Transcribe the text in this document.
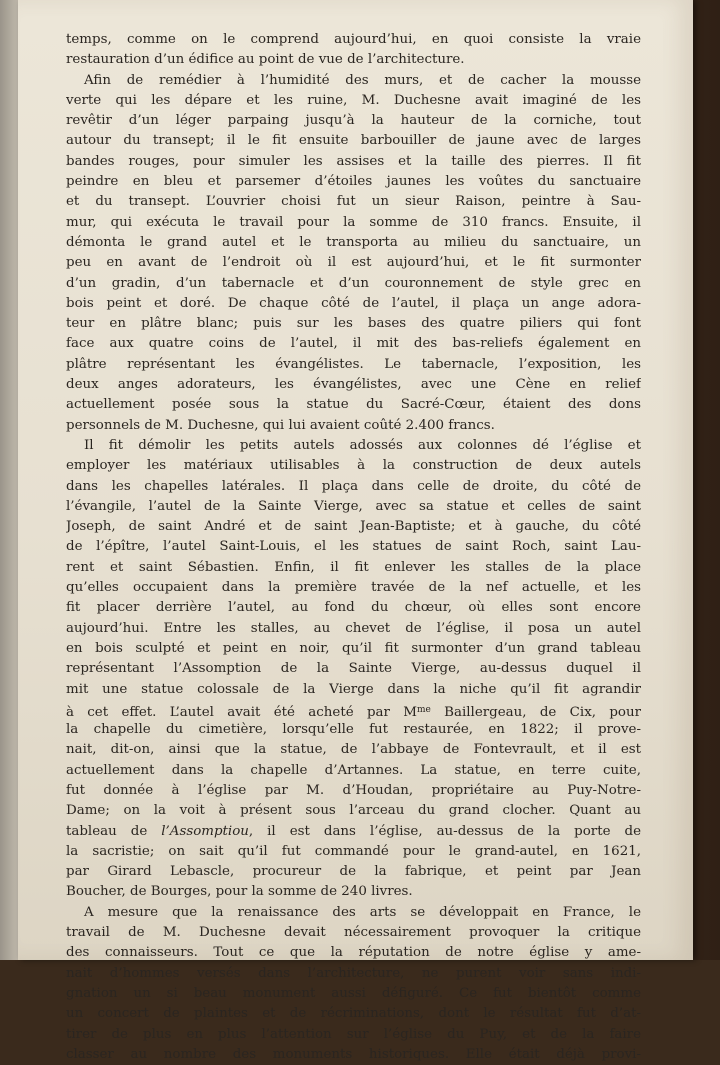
temps, comme on le comprend aujourd’hui, en quoi consiste la vraie
restauration d’un édifice au point de vue de l’architecture.
Afin de remédier à l’humidité des murs, et de cacher la mousse
verte qui les dépare et les ruine, M. Duchesne avait imaginé de les
revêtir d’un léger parpaing jusqu’à la hauteur de la corniche, tout
autour du transept; il le fit ensuite barbouiller de jaune avec de larges
bandes rouges, pour simuler les assises et la taille des pierres. Il fit
peindre en bleu et parsemer d’étoiles jaunes les voûtes du sanctuaire
et du transept. L’ouvrier choisi fut un sieur Raison, peintre à Sau-
mur, qui exécuta le travail pour la somme de 310 francs. Ensuite, il
démonta le grand autel et le transporta au milieu du sanctuaire, un
peu en avant de l’endroit où il est aujourd’hui, et le fit surmonter
d’un gradin, d’un tabernacle et d’un couronnement de style grec en
bois peint et doré. De chaque côté de l’autel, il plaça un ange adora-
teur en plâtre blanc; puis sur les bases des quatre piliers qui font
face aux quatre coins de l’autel, il mit des bas-reliefs également en
plâtre représentant les évangélistes. Le tabernacle, l’exposition, les
deux anges adorateurs, les évangélistes, avec une Cène en relief
actuellement posée sous la statue du Sacré-Cœur, étaient des dons
personnels de M. Duchesne, qui lui avaient coûté 2.400 francs.
Il fit démolir les petits autels adossés aux colonnes dé l’église et
employer les matériaux utilisables à la construction de deux autels
dans les chapelles latérales. Il plaça dans celle de droite, du côté de
l’évangile, l’autel de la Sainte Vierge, avec sa statue et celles de saint
Joseph, de saint André et de saint Jean-Baptiste; et à gauche, du côté
de l’épître, l’autel Saint-Louis, el les statues de saint Roch, saint Lau-
rent et saint Sébastien. Enfin, il fit enlever les stalles de la place
qu’elles occupaient dans la première travée de la nef actuelle, et les
fit placer derrière l’autel, au fond du chœur, où elles sont encore
aujourd’hui. Entre les stalles, au chevet de l’église, il posa un autel
en bois sculpté et peint en noir, qu’il fit surmonter d’un grand tableau
représentant l’Assomption de la Sainte Vierge, au-dessus duquel il
mit une statue colossale de la Vierge dans la niche qu’il fit agrandir
à cet effet. L’autel avait été acheté par $M^{me}$ Baillergeau, de Cix, pour
la chapelle du cimetière, lorsqu’elle fut restaurée, en 1822; il prove-
nait, dit-on, ainsi que la statue, de l’abbaye de Fontevrault, et il est
actuellement dans la chapelle d’Artannes. La statue, en terre cuite,
fut donnée à l’église par M. d’Houdan, propriétaire au Puy-Notre-
Dame; on la voit à présent sous l’arceau du grand clocher. Quant au
tableau de l’Assomptiou, il est dans l’église, au-dessus de la porte de
la sacristie; on sait qu’il fut commandé pour le grand-autel, en 1621,
par Girard Lebascle, procureur de la fabrique, et peint par Jean
Boucher, de Bourges, pour la somme de 240 livres.
A mesure que la renaissance des arts se développait en France, le
travail de M. Duchesne devait nécessairement provoquer la critique
des connaisseurs. Tout ce que la réputation de notre église y ame-
nait d’hommes versés dans l’architecture, ne purent voir sans indi-
gnation un si beau monument aussi défiguré. Ce fut bientôt comme
un concert de plaintes et de récriminations, dont le résultat fut d’at-
tirer de plus en plus l’attention sur l’église du Puy, et de la faire
classer au nombre des monuments historiques. Elle était déjà provi-
